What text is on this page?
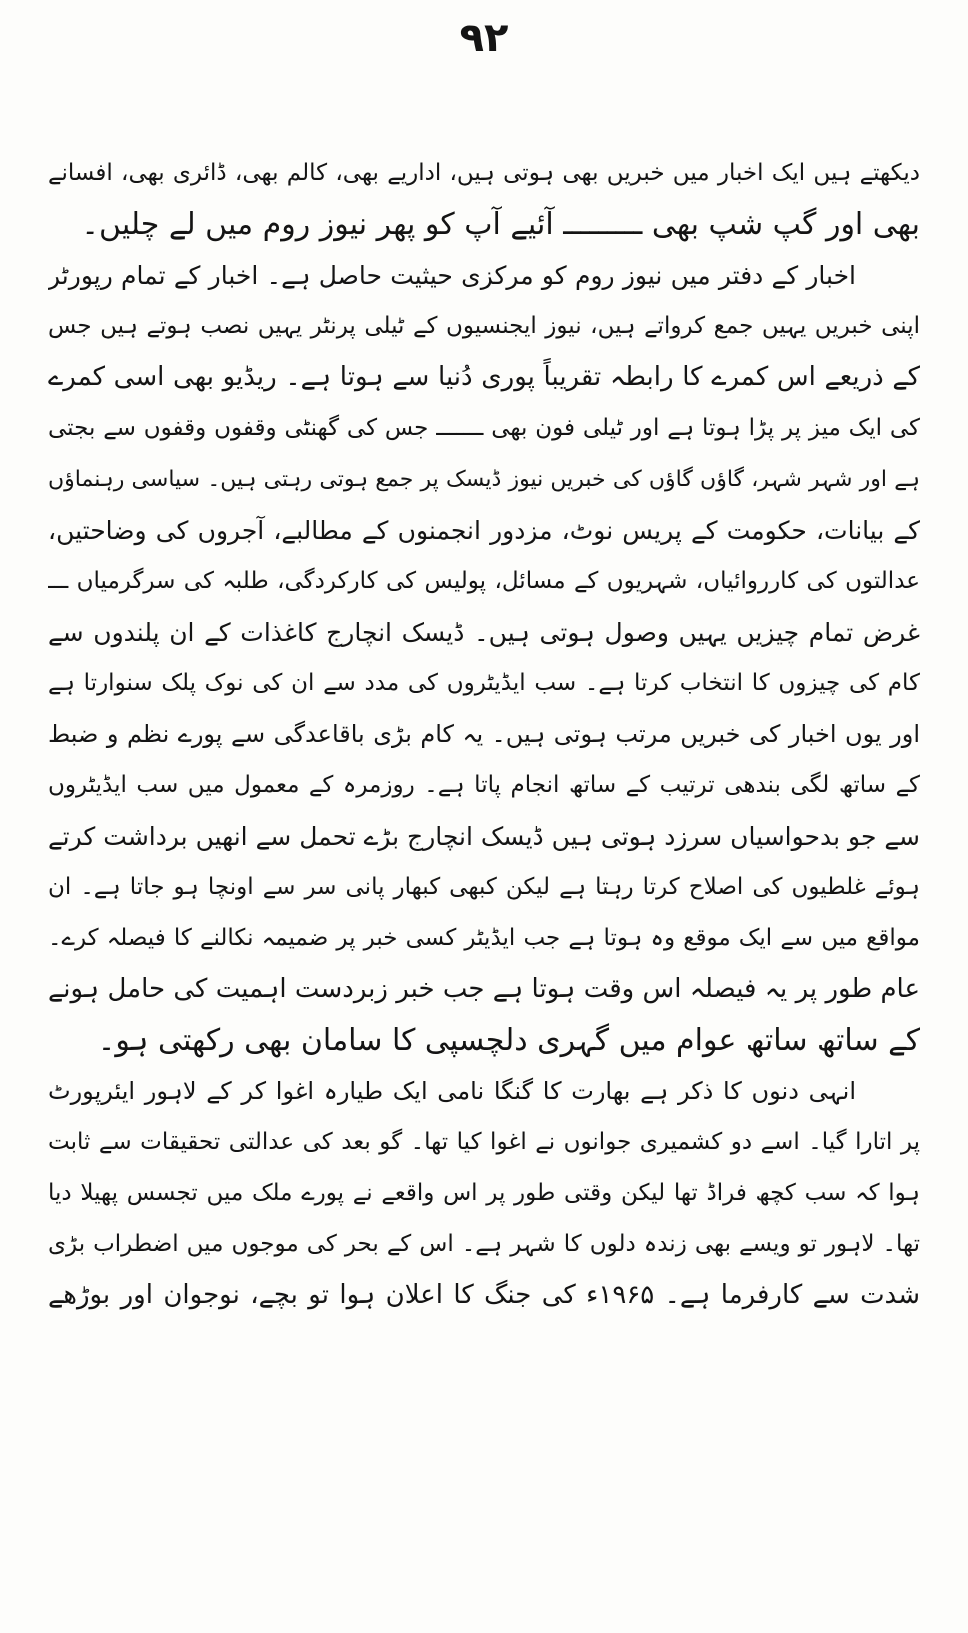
۹۲
دیکھتے ہیں ایک اخبار میں خبریں بھی ہوتی ہیں، اداریے بھی، کالم بھی، ڈائری بھی، افسانے
بھی اور گپ شپ بھی ـــــــــ آئیے آپ کو پھر نیوز روم میں لے چلیں۔
اخبار کے دفتر میں نیوز روم کو مرکزی حیثیت حاصل ہے۔ اخبار کے تمام رپورٹر
اپنی خبریں یہیں جمع کرواتے ہیں، نیوز ایجنسیوں کے ٹیلی پرنٹر یہیں نصب ہوتے ہیں جس
کے ذریعے اس کمرے کا رابطہ تقریباً پوری دُنیا سے ہوتا ہے۔ ریڈیو بھی اسی کمرے
کی ایک میز پر پڑا ہوتا ہے اور ٹیلی فون بھی ـــــــ جس کی گھنٹی وقفوں وقفوں سے بجتی
ہے اور شہر شہر، گاؤں گاؤں کی خبریں نیوز ڈیسک پر جمع ہوتی رہتی ہیں۔ سیاسی رہنماؤں
کے بیانات، حکومت کے پریس نوٹ، مزدور انجمنوں کے مطالبے، آجروں کی وضاحتیں،
عدالتوں کی کارروائیاں، شہریوں کے مسائل، پولیس کی کارکردگی، طلبہ کی سرگرمیاں ـــ
غرض تمام چیزیں یہیں وصول ہوتی ہیں۔ ڈیسک انچارج کاغذات کے ان پلندوں سے
کام کی چیزوں کا انتخاب کرتا ہے۔ سب ایڈیٹروں کی مدد سے ان کی نوک پلک سنوارتا ہے
اور یوں اخبار کی خبریں مرتب ہوتی ہیں۔ یہ کام بڑی باقاعدگی سے پورے نظم و ضبط
کے ساتھ لگی بندھی ترتیب کے ساتھ انجام پاتا ہے۔ روزمرہ کے معمول میں سب ایڈیٹروں
سے جو بدحواسیاں سرزد ہوتی ہیں ڈیسک انچارج بڑے تحمل سے انھیں برداشت کرتے
ہوئے غلطیوں کی اصلاح کرتا رہتا ہے لیکن کبھی کبھار پانی سر سے اونچا ہو جاتا ہے۔ ان
مواقع میں سے ایک موقع وہ ہوتا ہے جب ایڈیٹر کسی خبر پر ضمیمہ نکالنے کا فیصلہ کرے۔
عام طور پر یہ فیصلہ اس وقت ہوتا ہے جب خبر زبردست اہمیت کی حامل ہونے
کے ساتھ ساتھ عوام میں گہری دلچسپی کا سامان بھی رکھتی ہو۔
انہی دنوں کا ذکر ہے بھارت کا گنگا نامی ایک طیارہ اغوا کر کے لاہور ایئرپورٹ
پر اتارا گیا۔ اسے دو کشمیری جوانوں نے اغوا کیا تھا۔ گو بعد کی عدالتی تحقیقات سے ثابت
ہوا کہ سب کچھ فراڈ تھا لیکن وقتی طور پر اس واقعے نے پورے ملک میں تجسس پھیلا دیا
تھا۔ لاہور تو ویسے بھی زندہ دلوں کا شہر ہے۔ اس کے بحر کی موجوں میں اضطراب بڑی
شدت سے کارفرما ہے۔ ۱۹۶۵ء کی جنگ کا اعلان ہوا تو بچے، نوجوان اور بوڑھے
